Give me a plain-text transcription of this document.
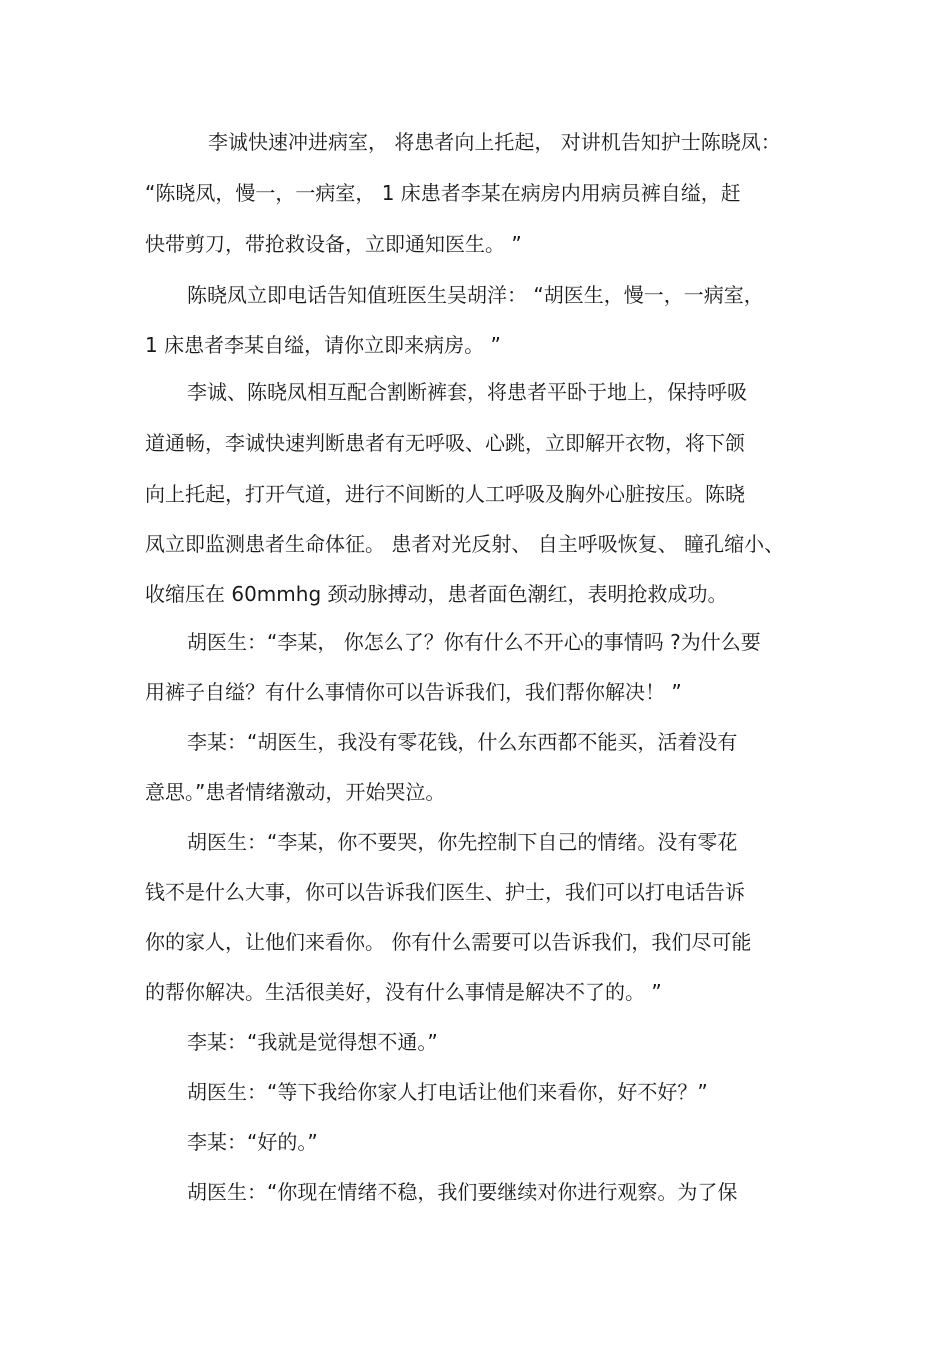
李诚快速冲进病室， 将患者向上托起， 对讲机告知护士陈晓凤：

“陈晓凤，慢一，一病室， 1 床患者李某在病房内用病员裤自缢，赶

快带剪刀，带抢救设备，立即通知医生。 ”

陈晓凤立即电话告知值班医生吴胡洋： “胡医生，慢一，一病室，

1 床患者李某自缢，请你立即来病房。 ”

李诚、陈晓凤相互配合割断裤套，将患者平卧于地上，保持呼吸

道通畅，李诚快速判断患者有无呼吸、心跳，立即解开衣物，将下颌

向上托起，打开气道，进行不间断的人工呼吸及胸外心脏按压。陈晓

凤立即监测患者生命体征。 患者对光反射、 自主呼吸恢复、 瞳孔缩小、

收缩压在 60mmhg 颈动脉搏动，患者面色潮红，表明抢救成功。

胡医生：“李某， 你怎么了？你有什么不开心的事情吗 ?为什么要

用裤子自缢？有什么事情你可以告诉我们，我们帮你解决！ ”

李某：“胡医生，我没有零花钱，什么东西都不能买，活着没有

意思。”患者情绪激动，开始哭泣。

胡医生：“李某，你不要哭，你先控制下自己的情绪。没有零花

钱不是什么大事，你可以告诉我们医生、护士，我们可以打电话告诉

你的家人，让他们来看你。 你有什么需要可以告诉我们，我们尽可能

的帮你解决。生活很美好，没有什么事情是解决不了的。 ”

李某：“我就是觉得想不通。”

胡医生：“等下我给你家人打电话让他们来看你，好不好？”

李某：“好的。”

胡医生：“你现在情绪不稳，我们要继续对你进行观察。为了保
